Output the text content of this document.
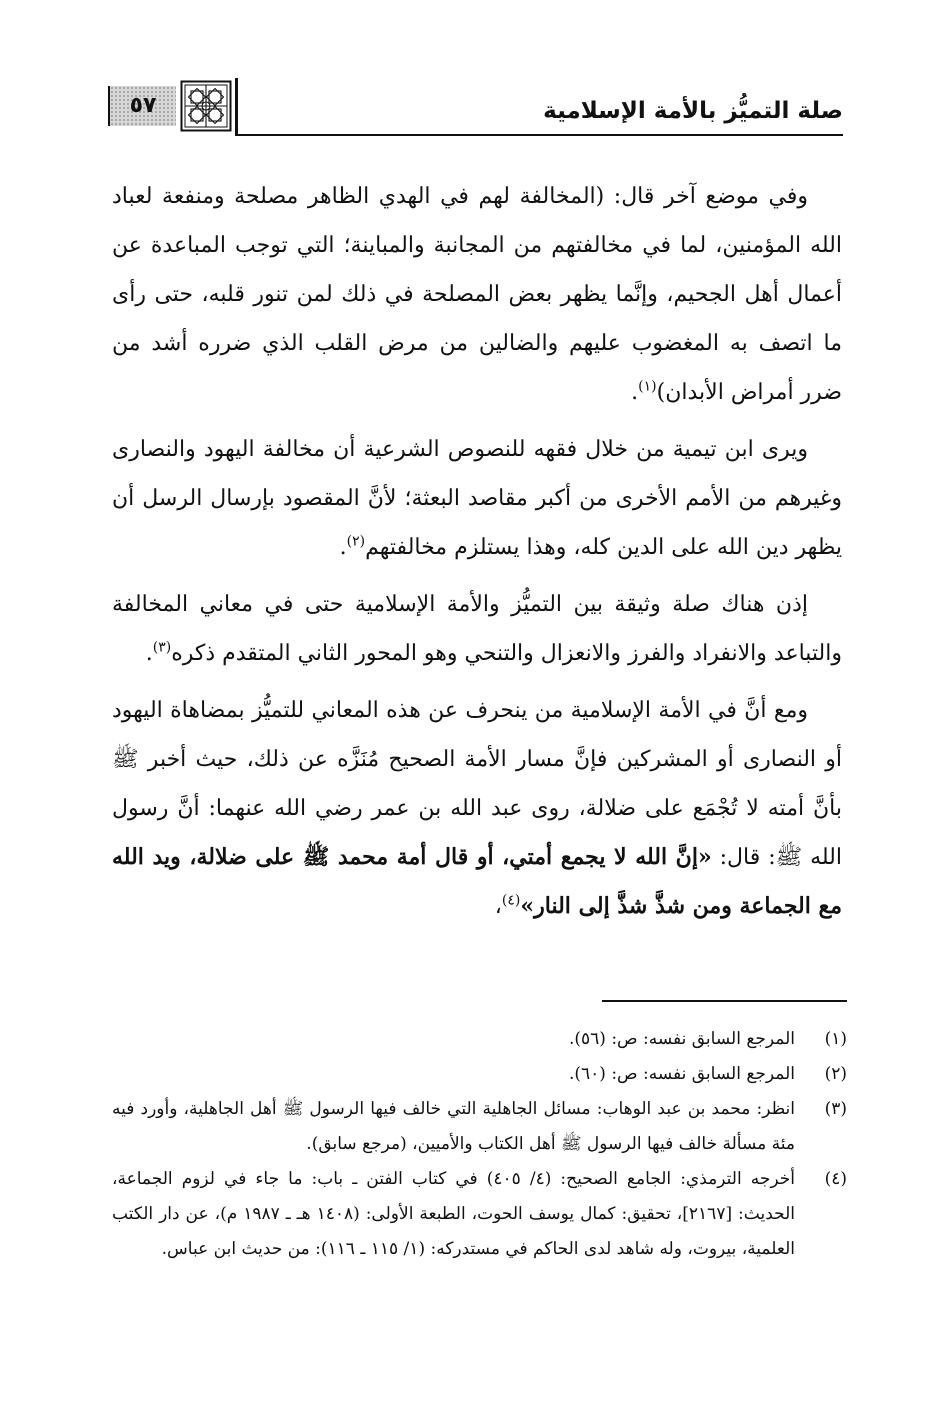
٥٧	صلة التميُّز بالأمة الإسلامية

وفي موضع آخر قال: (المخالفة لهم في الهدي الظاهر مصلحة ومنفعة لعباد الله المؤمنين، لما في مخالفتهم من المجانبة والمباينة؛ التي توجب المباعدة عن أعمال أهل الجحيم، وإنَّما يظهر بعض المصلحة في ذلك لمن تنور قلبه، حتى رأى ما اتصف به المغضوب عليهم والضالين من مرض القلب الذي ضرره أشد من ضرر أمراض الأبدان)$^{(١)}$.

ويرى ابن تيمية من خلال فقهه للنصوص الشرعية أن مخالفة اليهود والنصارى وغيرهم من الأمم الأخرى من أكبر مقاصد البعثة؛ لأنَّ المقصود بإرسال الرسل أن يظهر دين الله على الدين كله، وهذا يستلزم مخالفتهم$^{(٢)}$.

إذن هناك صلة وثيقة بين التميُّز والأمة الإسلامية حتى في معاني المخالفة والتباعد والانفراد والفرز والانعزال والتنحي وهو المحور الثاني المتقدم ذكره$^{(٣)}$.

ومع أنَّ في الأمة الإسلامية من ينحرف عن هذه المعاني للتميُّز بمضاهاة اليهود أو النصارى أو المشركين فإنَّ مسار الأمة الصحيح مُنَزَّه عن ذلك، حيث أخبر ﷺ بأنَّ أمته لا تُجْمَع على ضلالة، روى عبد الله بن عمر رضي الله عنهما: أنَّ رسول الله ﷺ: قال: «إنَّ الله لا يجمع أمتي، أو قال أمة محمد ﷺ على ضلالة، ويد الله مع الجماعة ومن شذَّ شذَّ إلى النار»$^{(٤)}$،

(١)
المرجع السابق نفسه: ص: (٥٦).
(٢)
المرجع السابق نفسه: ص: (٦٠).
(٣)
انظر: محمد بن عبد الوهاب: مسائل الجاهلية التي خالف فيها الرسول ﷺ أهل الجاهلية، وأورد فيه مئة مسألة خالف فيها الرسول ﷺ أهل الكتاب والأميين، (مرجع سابق).
(٤)
أخرجه الترمذي: الجامع الصحيح: (٤/ ٤٠٥) في كتاب الفتن ـ باب: ما جاء في لزوم الجماعة، الحديث: [٢١٦٧]، تحقيق: كمال يوسف الحوت، الطبعة الأولى: (١٤٠٨ هـ ـ ١٩٨٧ م)، عن دار الكتب العلمية، بيروت، وله شاهد لدى الحاكم في مستدركه: (١/ ١١٥ ـ ١١٦): من حديث ابن عباس.
